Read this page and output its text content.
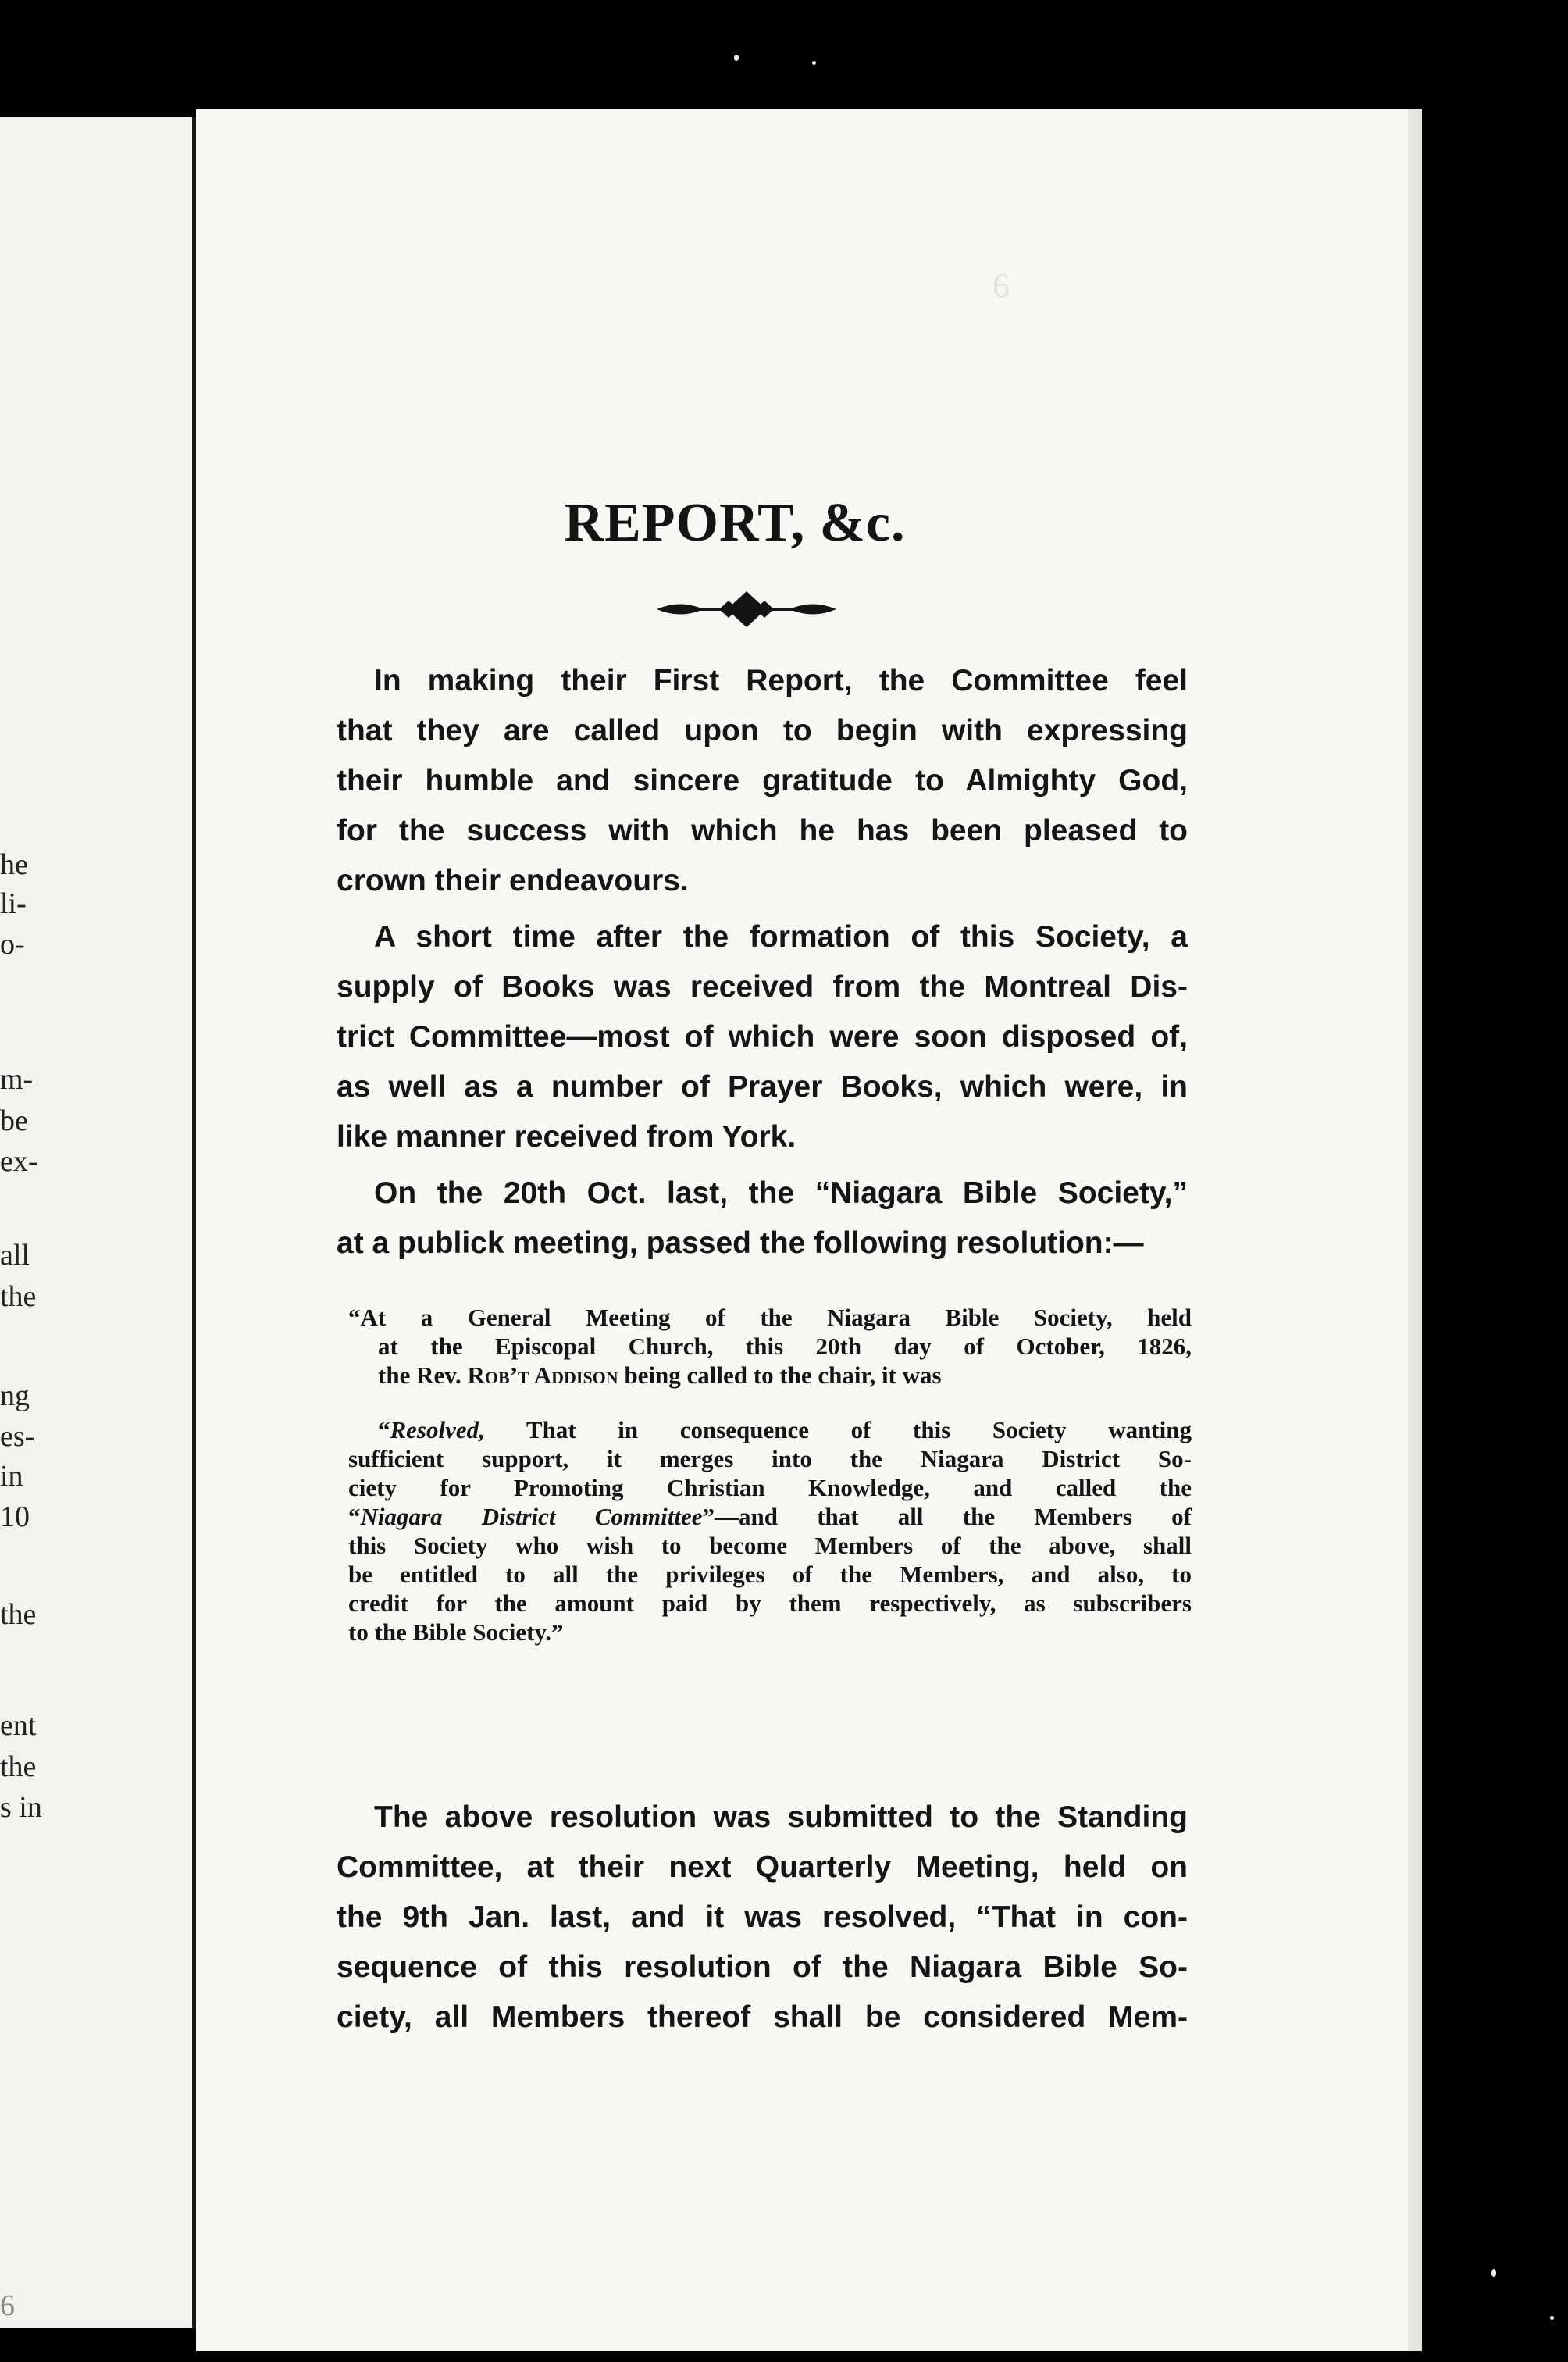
he
li-
o-
m-
be
ex-
all
the
ng
es-
in
10
the
ent
the
s in
6
6
REPORT, &c.
In making their First Report, the Committee feel
that they are called upon to begin with expressing
their humble and sincere gratitude to Almighty God,
for the success with which he has been pleased to
crown their endeavours.
A short time after the formation of this Society, a
supply of Books was received from the Montreal Dis-
trict Committee—most of which were soon disposed of,
as well as a number of Prayer Books, which were, in
like manner received from York.
On the 20th Oct. last, the “Niagara Bible Society,”
at a publick meeting, passed the following resolution:—
“At a General Meeting of the Niagara Bible Society, held
at the Episcopal Church, this 20th day of October, 1826,
the Rev. Rob’t Addison being called to the chair, it was
“Resolved, That in consequence of this Society wanting
sufficient support, it merges into the Niagara District So-
ciety for Promoting Christian Knowledge, and called the
“Niagara District Committee”—and that all the Members of
this Society who wish to become Members of the above, shall
be entitled to all the privileges of the Members, and also, to
credit for the amount paid by them respectively, as subscribers
to the Bible Society.”
The above resolution was submitted to the Standing
Committee, at their next Quarterly Meeting, held on
the 9th Jan. last, and it was resolved, “That in con-
sequence of this resolution of the Niagara Bible So-
ciety, all Members thereof shall be considered Mem-
